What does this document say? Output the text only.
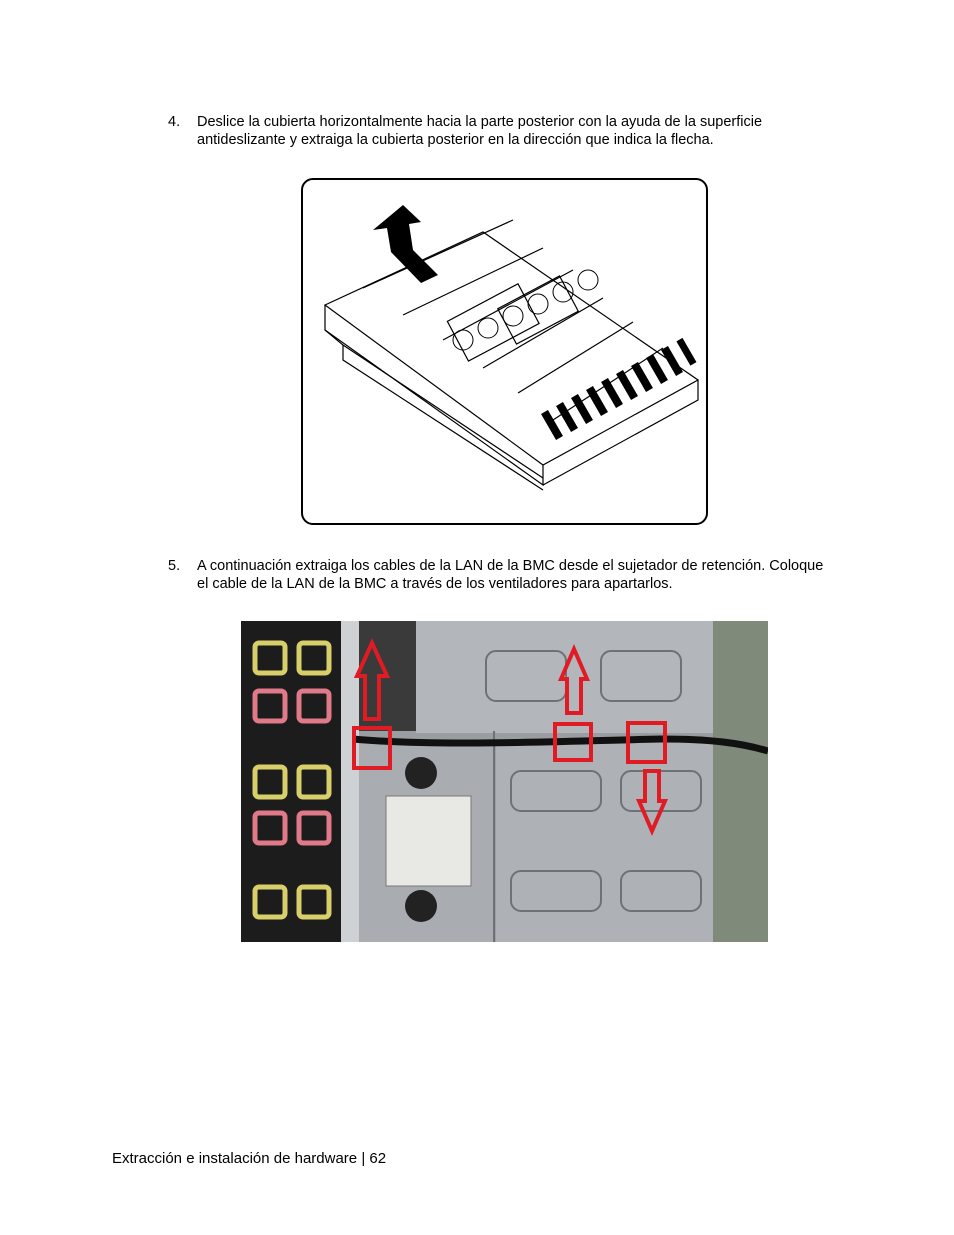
4. Deslice la cubierta horizontalmente hacia la parte posterior con la ayuda de la superficie antideslizante y extraiga la cubierta posterior en la dirección que indica la flecha.
5. A continuación extraiga los cables de la LAN de la BMC desde el sujetador de retención. Coloque el cable de la LAN de la BMC a través de los ventiladores para apartarlos.
Extracción e instalación de hardware | 62
